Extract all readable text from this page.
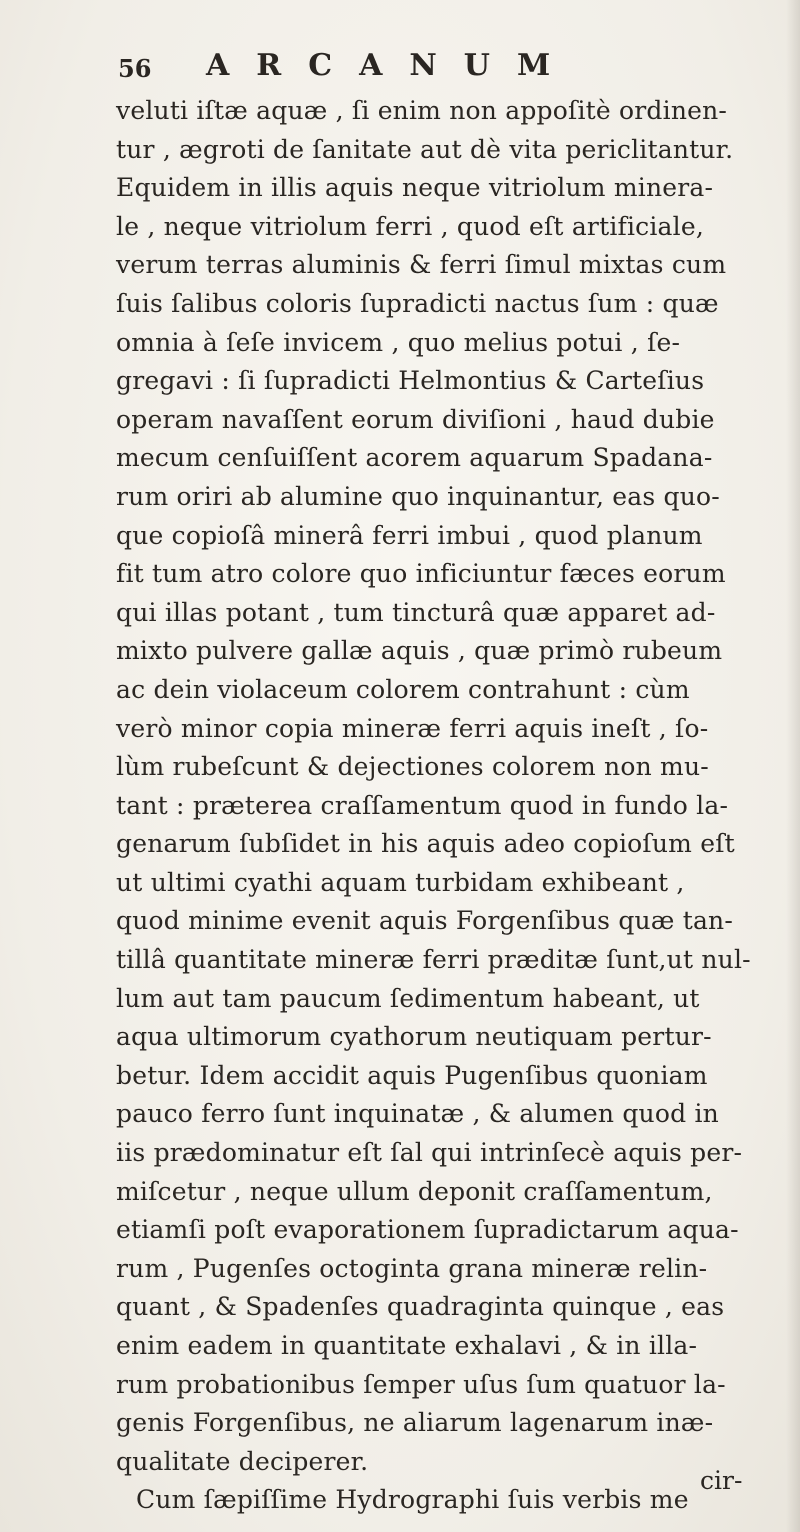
56 ARCANUM
veluti iſtæ aquæ , ſi enim non appoſitè ordinen-
tur , ægroti de ſanitate aut dè vita periclitantur.
Equidem in illis aquis neque vitriolum minera-
le , neque vitriolum ferri , quod eſt artificiale,
verum terras aluminis & ferri ſimul mixtas cum
ſuis ſalibus coloris ſupradicti nactus ſum : quæ
omnia à ſeſe invicem , quo melius potui , ſe-
gregavi : ſi ſupradicti Helmontius & Carteſius
operam navaſſent eorum diviſioni , haud dubie
mecum cenſuiſſent acorem aquarum Spadana-
rum oriri ab alumine quo inquinantur, eas quo-
que copioſâ minerâ ferri imbui , quod planum
fit tum atro colore quo inficiuntur fæces eorum
qui illas potant , tum tincturâ quæ apparet ad-
mixto pulvere gallæ aquis , quæ primò rubeum
ac dein violaceum colorem contrahunt : cùm
verò minor copia mineræ ferri aquis ineſt , ſo-
lùm rubeſcunt & dejectiones colorem non mu-
tant : præterea craſſamentum quod in fundo la-
genarum ſubſidet in his aquis adeo copioſum eſt
ut ultimi cyathi aquam turbidam exhibeant ,
quod minime evenit aquis Forgenſibus quæ tan-
tillâ quantitate mineræ ferri præditæ ſunt,ut nul-
lum aut tam paucum ſedimentum habeant, ut
aqua ultimorum cyathorum neutiquam pertur-
betur. Idem accidit aquis Pugenſibus quoniam
pauco ferro ſunt inquinatæ , & alumen quod in
iis prædominatur eſt ſal qui intrinſecè aquis per-
miſcetur , neque ullum deponit craſſamentum,
etiamſi poſt evaporationem ſupradictarum aqua-
rum , Pugenſes octoginta grana mineræ relin-
quant , & Spadenſes quadraginta quinque , eas
enim eadem in quantitate exhalavi , & in illa-
rum probationibus ſemper uſus ſum quatuor la-
genis Forgenſibus, ne aliarum lagenarum inæ-
qualitate deciperer.
Cum ſæpiſſime Hydrographi ſuis verbis me
cir-
